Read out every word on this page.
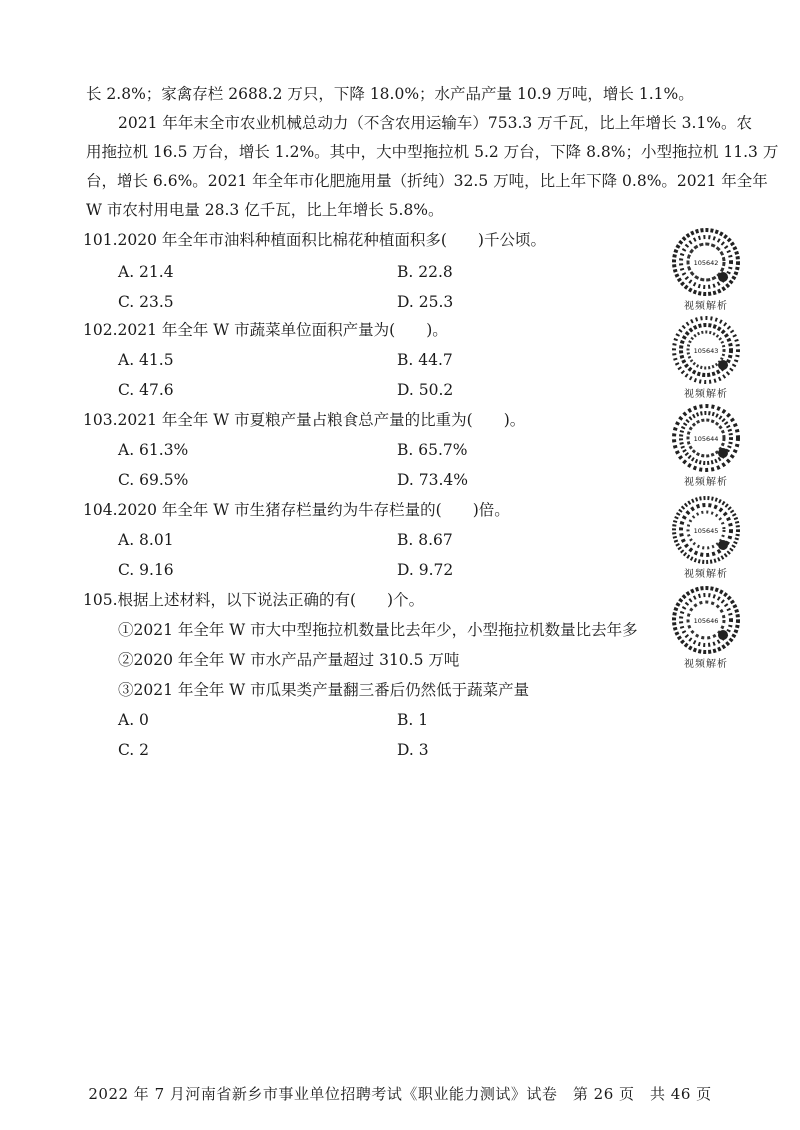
长 2.8%；家禽存栏 2688.2 万只，下降 18.0%；水产品产量 10.9 万吨，增长 1.1%。
2021 年年末全市农业机械总动力（不含农用运输车）753.3 万千瓦，比上年增长 3.1%。农
用拖拉机 16.5 万台，增长 1.2%。其中，大中型拖拉机 5.2 万台，下降 8.8%；小型拖拉机 11.3 万
台，增长 6.6%。2021 年全年市化肥施用量（折纯）32.5 万吨，比上年下降 0.8%。2021 年全年
W 市农村用电量 28.3 亿千瓦，比上年增长 5.8%。
101.2020 年全年市油料种植面积比棉花种植面积多(　　)千公顷。
A. 21.4	B. 22.8
C. 23.5	D. 25.3
102.2021 年全年 W 市蔬菜单位面积产量为(　　)。
A. 41.5	B. 44.7
C. 47.6	D. 50.2
103.2021 年全年 W 市夏粮产量占粮食总产量的比重为(　　)。
A. 61.3%	B. 65.7%
C. 69.5%	D. 73.4%
104.2020 年全年 W 市生猪存栏量约为牛存栏量的(　　)倍。
A. 8.01	B. 8.67
C. 9.16	D. 9.72
105.根据上述材料，以下说法正确的有(　　)个。
①2021 年全年 W 市大中型拖拉机数量比去年少，小型拖拉机数量比去年多
②2020 年全年 W 市水产品产量超过 310.5 万吨
③2021 年全年 W 市瓜果类产量翻三番后仍然低于蔬菜产量
A. 0	B. 1
C. 2	D. 3
105642
视频解析
105643
视频解析
105644
视频解析
105645
视频解析
105646
视频解析
2022 年 7 月河南省新乡市事业单位招聘考试《职业能力测试》试卷　第 26 页　共 46 页
